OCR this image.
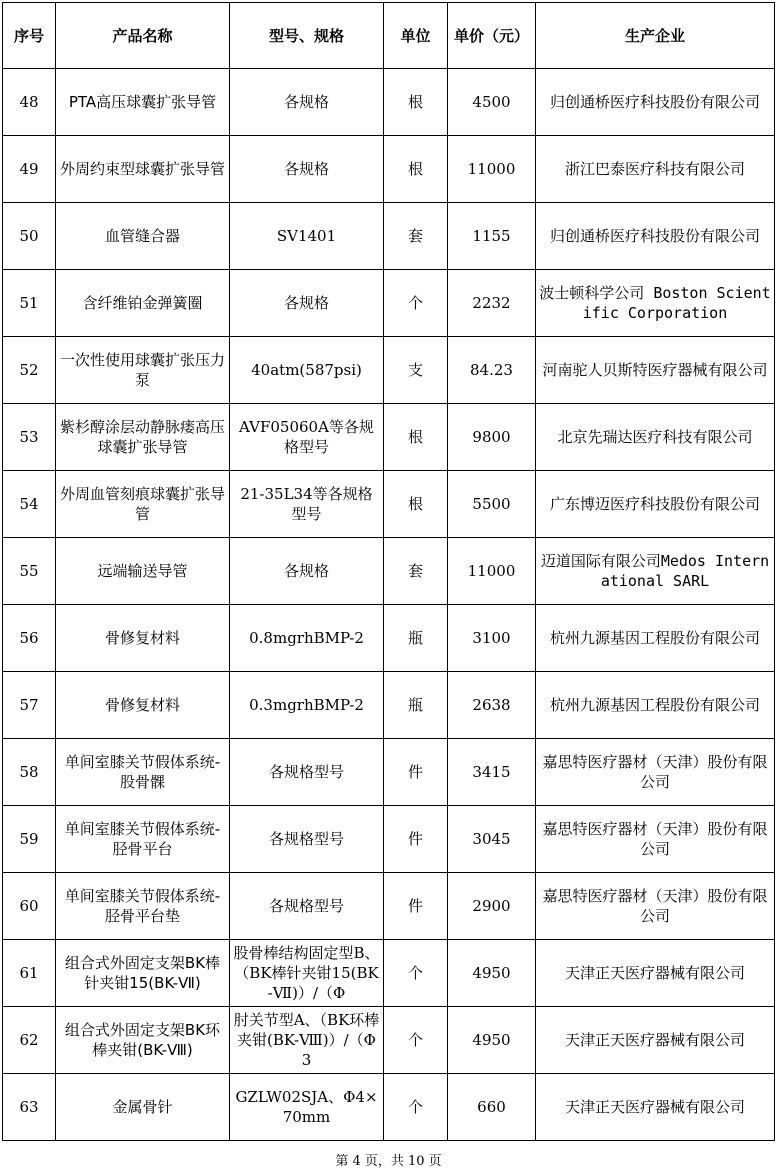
序号	产品名称	型号、规格	单位	单价（元）	生产企业

48	PTA高压球囊扩张导管	各规格	根	4500	归创通桥医疗科技股份有限公司

49	外周约束型球囊扩张导管	各规格	根	11000	浙江巴泰医疗科技有限公司

50	血管缝合器	SV1401	套	1155	归创通桥医疗科技股份有限公司

51	含纤维铂金弹簧圈	各规格	个	2232	波士顿科学公司 Boston Scientific Corporation

52	一次性使用球囊扩张压力泵	40atm(587psi)	支	84.23	河南驼人贝斯特医疗器械有限公司

53	紫杉醇涂层动静脉瘘高压球囊扩张导管	AVF05060A等各规格型号	根	9800	北京先瑞达医疗科技有限公司

54	外周血管刻痕球囊扩张导管	21-35L34等各规格型号	根	5500	广东博迈医疗科技股份有限公司

55	远端输送导管	各规格	套	11000	迈道国际有限公司Medos International SARL

56	骨修复材料	0.8mgrhBMP-2	瓶	3100	杭州九源基因工程股份有限公司

57	骨修复材料	0.3mgrhBMP-2	瓶	2638	杭州九源基因工程股份有限公司

58	单间室膝关节假体系统-股骨髁	各规格型号	件	3415	嘉思特医疗器材（天津）股份有限公司

59	单间室膝关节假体系统-胫骨平台	各规格型号	件	3045	嘉思特医疗器材（天津）股份有限公司

60	单间室膝关节假体系统-胫骨平台垫	各规格型号	件	2900	嘉思特医疗器材（天津）股份有限公司

61	组合式外固定支架BK棒针夹钳15(BK-Ⅶ)	股骨棒结构固定型B、（BK棒针夹钳15(BK-Ⅶ)）/（Φ	个	4950	天津正天医疗器械有限公司

62	组合式外固定支架BK环棒夹钳(BK-Ⅷ)	肘关节型A、（BK环棒夹钳(BK-Ⅷ)）/（Φ3	个	4950	天津正天医疗器械有限公司

63	金属骨针	GZLW02SJA、Φ4×70mm	个	660	天津正天医疗器械有限公司
第 4 页，共 10 页
